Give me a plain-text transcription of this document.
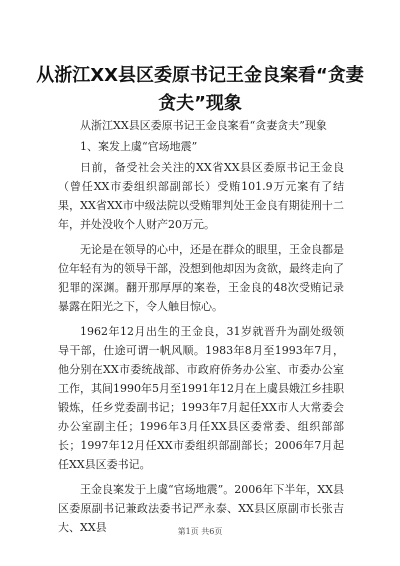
从浙江XX县区委原书记王金良案看“贪妻贪夫”现象

从浙江XX县区委原书记王金良案看“贪妻贪夫”现象

1、案发上虞“官场地震”

日前，备受社会关注的XX省XX县区委原书记王金良（曾任XX市委组织部副部长）受贿101.9万元案有了结果，XX省XX市中级法院以受贿罪判处王金良有期徒刑十二年，并处没收个人财产20万元。

无论是在领导的心中，还是在群众的眼里，王金良都是位年轻有为的领导干部，没想到他却因为贪欲，最终走向了犯罪的深渊。翻开那厚厚的案卷，王金良的48次受贿记录暴露在阳光之下，令人触目惊心。

1962年12月出生的王金良，31岁就晋升为副处级领导干部，仕途可谓一帆风顺。1983年8月至1993年7月，他分别在XX市委统战部、市政府侨务办公室、市委办公室工作，其间1990年5月至1991年12月在上虞县娥江乡挂职锻炼，任乡党委副书记；1993年7月起任XX市人大常委会办公室副主任；1996年3月任XX县区委常委、组织部部长；1997年12月任XX市委组织部副部长；2006年7月起任XX县区委书记。

王金良案发于上虞“官场地震”。2006年下半年，XX县区委原副书记兼政法委书记严永泰、XX县区原副市长张吉大、XX县	第1页 共6页
